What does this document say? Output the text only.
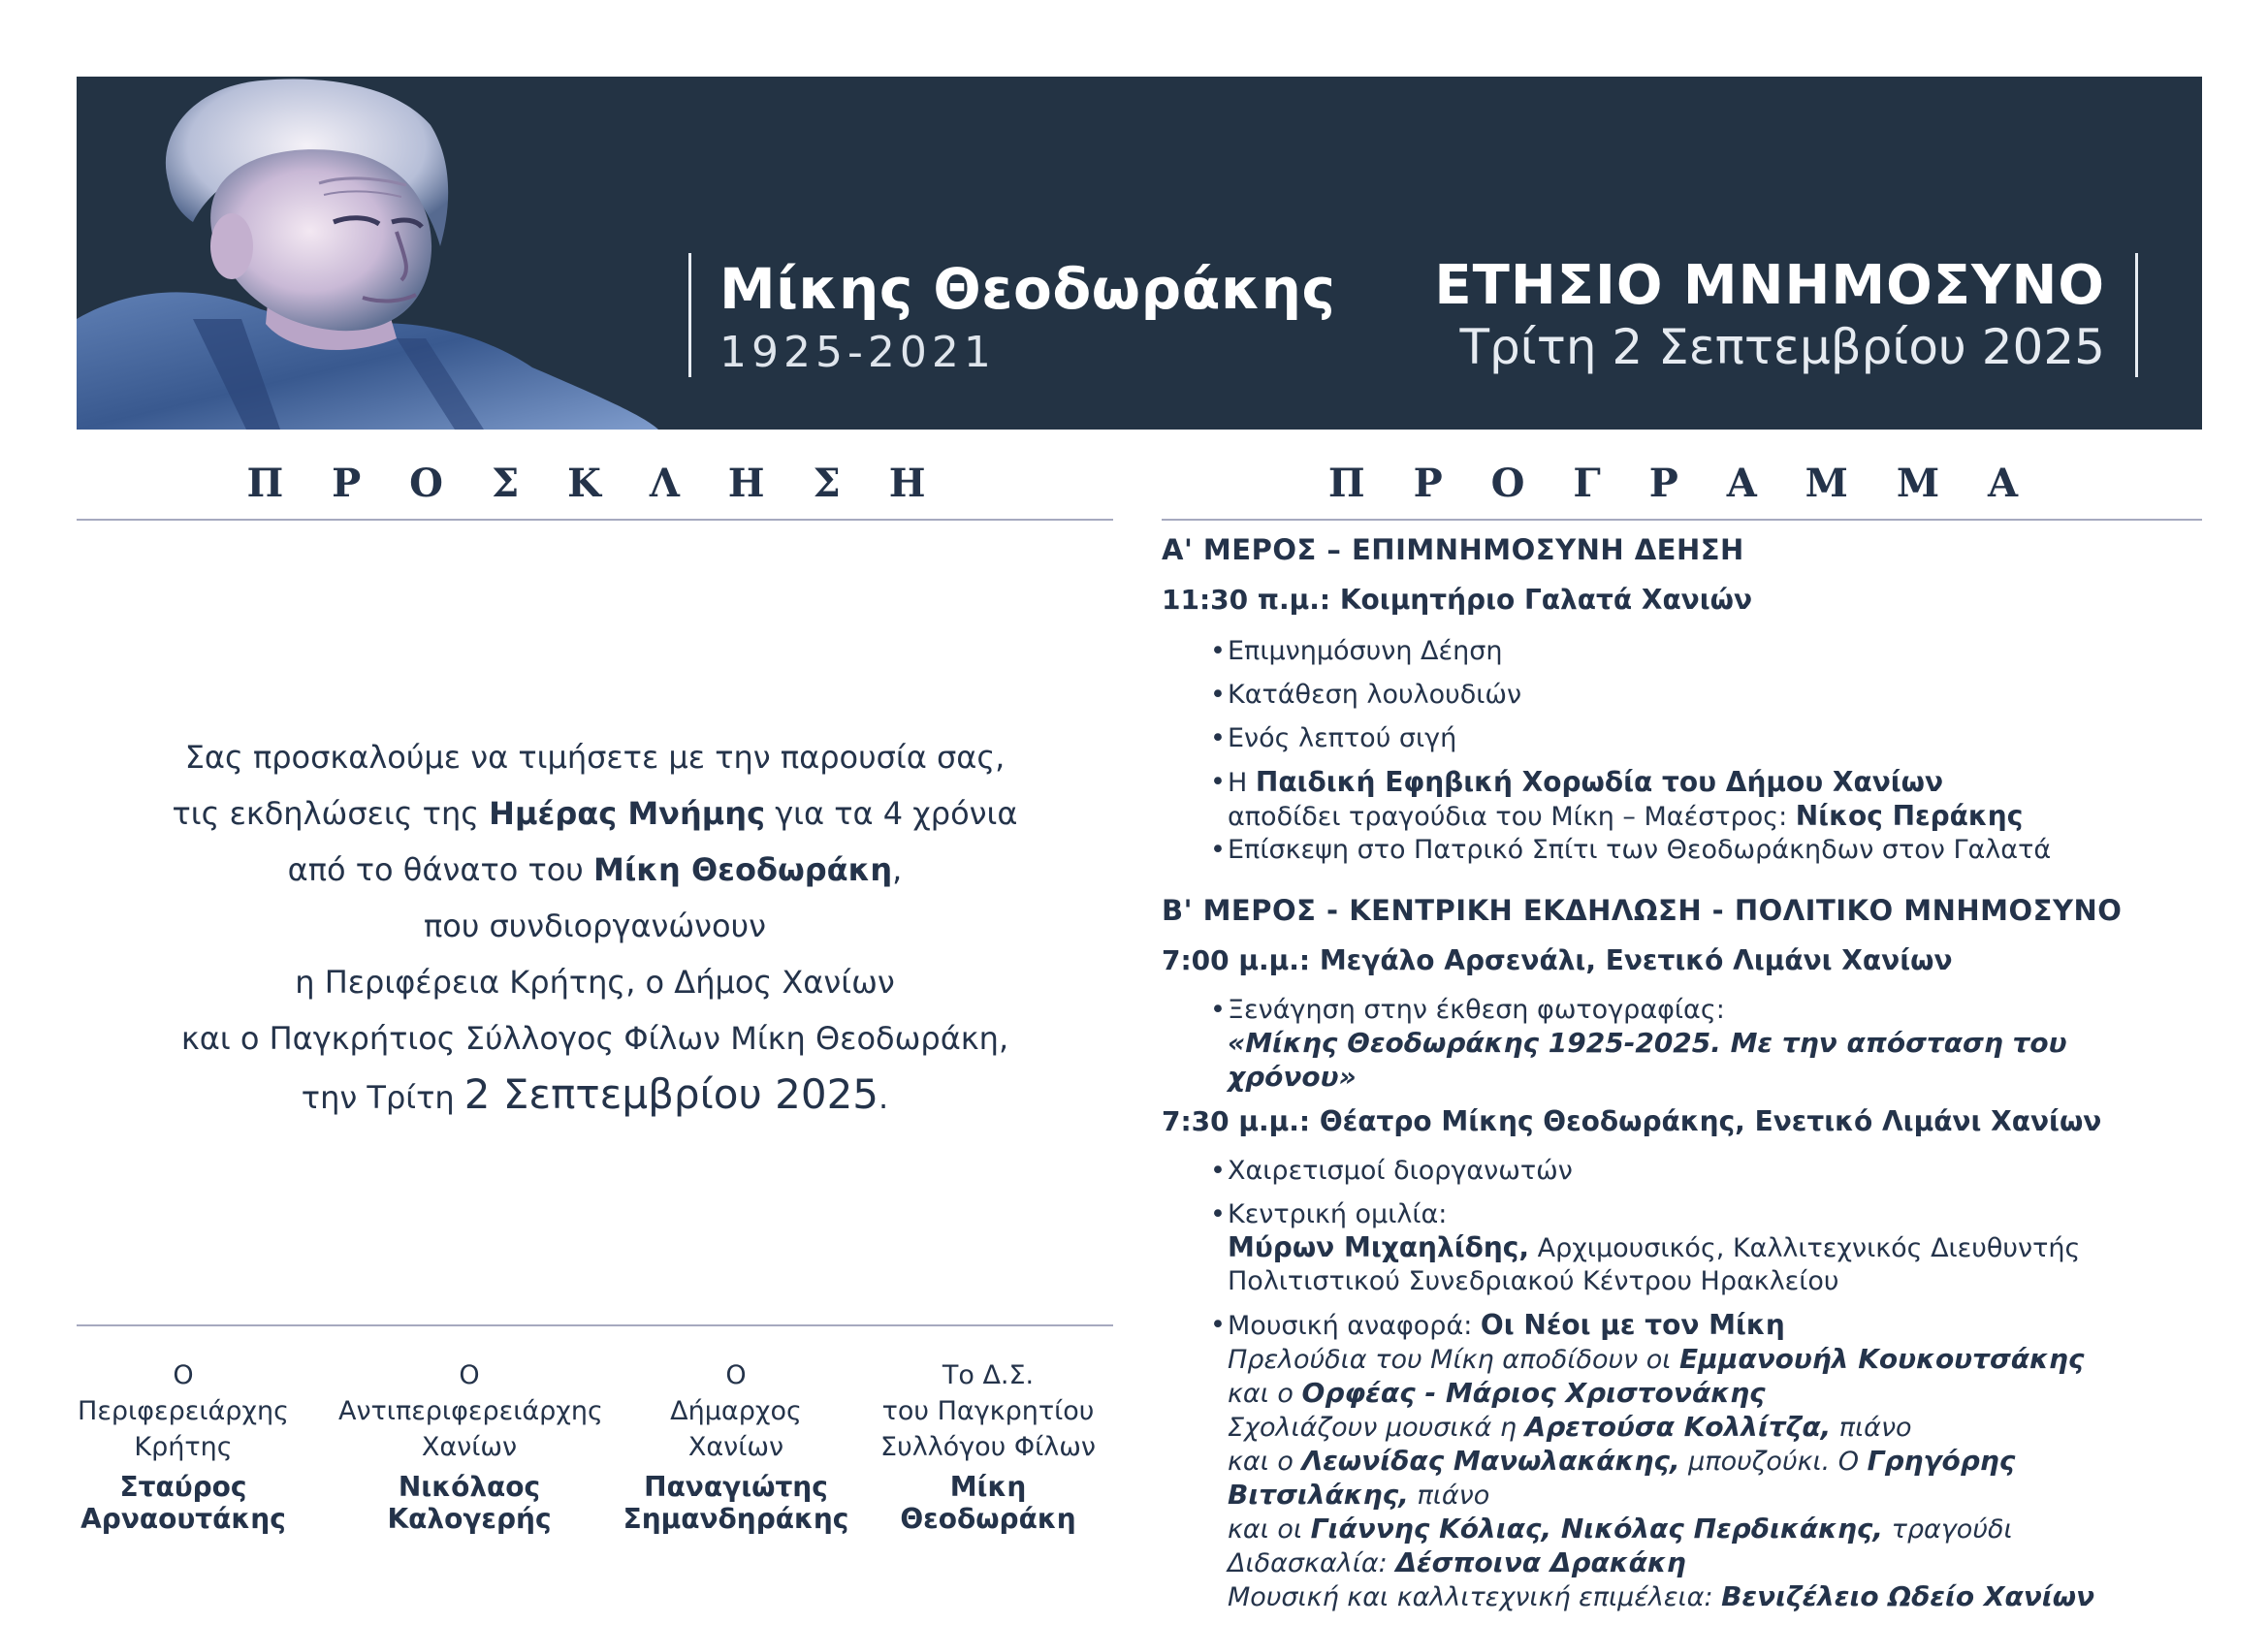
Μίκης Θεοδωράκης
1925-2021
ΕΤΗΣΙΟ ΜΝΗΜΟΣΥΝΟ
Τρίτη 2 Σεπτεμβρίου 2025
Π Ρ Ο Σ Κ Λ Η Σ Η
Σας προσκαλούμε να τιμήσετε με την παρουσία σας,
τις εκδηλώσεις της Ημέρας Μνήμης για τα 4 χρόνια
από το θάνατο του Μίκη Θεοδωράκη,
που συνδιοργανώνουν
η Περιφέρεια Κρήτης, ο Δήμος Χανίων
και ο Παγκρήτιος Σύλλογος Φίλων Μίκη Θεοδωράκη,
την Τρίτη 2 Σεπτεμβρίου 2025.
Ο
Περιφερειάρχης
Κρήτης
Σταύρος
Αρναουτάκης
Ο
Αντιπεριφερειάρχης
Χανίων
Νικόλαος
Καλογερής
Ο
Δήμαρχος
Χανίων
Παναγιώτης
Σημανδηράκης
Το Δ.Σ.
του Παγκρητίου
Συλλόγου Φίλων
Μίκη
Θεοδωράκη
Π Ρ Ο Γ Ρ Α Μ Μ Α
Α' ΜΕΡΟΣ – ΕΠΙΜΝΗΜΟΣΥΝΗ ΔΕΗΣΗ
11:30 π.μ.: Κοιμητήριο Γαλατά Χανιών
• Επιμνημόσυνη Δέηση
• Κατάθεση λουλουδιών
• Ενός λεπτού σιγή
• Η Παιδική Εφηβική Χορωδία του Δήμου Χανίων
αποδίδει τραγούδια του Μίκη – Μαέστρος: Νίκος Περάκης
• Επίσκεψη στο Πατρικό Σπίτι των Θεοδωράκηδων στον Γαλατά
Β' ΜΕΡΟΣ - ΚΕΝΤΡΙΚΗ ΕΚΔΗΛΩΣΗ - ΠΟΛΙΤΙΚΟ ΜΝΗΜΟΣΥΝΟ
7:00 μ.μ.: Μεγάλο Αρσενάλι, Ενετικό Λιμάνι Χανίων
• Ξενάγηση στην έκθεση φωτογραφίας:
«Μίκης Θεοδωράκης 1925-2025. Με την απόσταση του χρόνου»
7:30 μ.μ.: Θέατρο Μίκης Θεοδωράκης, Ενετικό Λιμάνι Χανίων
• Χαιρετισμοί διοργανωτών
• Κεντρική ομιλία:
Μύρων Μιχαηλίδης, Αρχιμουσικός, Καλλιτεχνικός Διευθυντής
Πολιτιστικού Συνεδριακού Κέντρου Ηρακλείου
• Μουσική αναφορά: Οι Νέοι με τον Μίκη
Πρελούδια του Μίκη αποδίδουν οι Εμμανουήλ Κουκουτσάκης
και ο Ορφέας - Μάριος Χριστονάκης
Σχολιάζουν μουσικά η Αρετούσα Κολλίτζα, πιάνο
και ο Λεωνίδας Μανωλακάκης, μπουζούκι. Ο Γρηγόρης Βιτσιλάκης, πιάνο
και οι Γιάννης Κόλιας, Νικόλας Περδικάκης, τραγούδι
Διδασκαλία: Δέσποινα Δρακάκη
Μουσική και καλλιτεχνική επιμέλεια: Βενιζέλειο Ωδείο Χανίων
